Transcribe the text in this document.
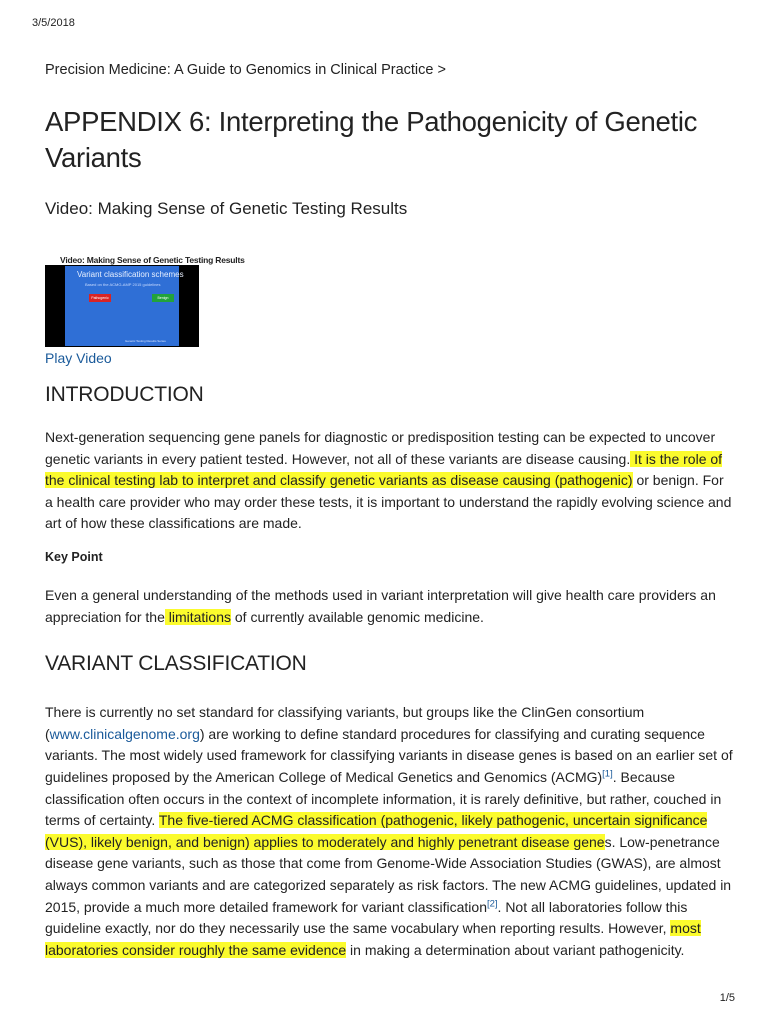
3/5/2018
Precision Medicine: A Guide to Genomics in Clinical Practice >
APPENDIX 6: Interpreting the Pathogenicity of Genetic Variants
Video: Making Sense of Genetic Testing Results
Video: Making Sense of Genetic Testing Results
Variant classification schemes
Based on the ACMG-AMP 2015 guidelines
Pathogenic	Benign
Genetic Testing Results Series
Play Video
INTRODUCTION

Next-generation sequencing gene panels for diagnostic or predisposition testing can be expected to uncover genetic variants in every patient tested. However, not all of these variants are disease causing. It is the role of the clinical testing lab to interpret and classify genetic variants as disease causing (pathogenic) or benign. For a health care provider who may order these tests, it is important to understand the rapidly evolving science and art of how these classifications are made.

Key Point

Even a general understanding of the methods used in variant interpretation will give health care providers an appreciation for the limitations of currently available genomic medicine.

VARIANT CLASSIFICATION

There is currently no set standard for classifying variants, but groups like the ClinGen consortium (www.clinicalgenome.org) are working to define standard procedures for classifying and curating sequence variants. The most widely used framework for classifying variants in disease genes is based on an earlier set of guidelines proposed by the American College of Medical Genetics and Genomics (ACMG)[1]. Because classification often occurs in the context of incomplete information, it is rarely definitive, but rather, couched in terms of certainty. The five-tiered ACMG classification (pathogenic, likely pathogenic, uncertain significance (VUS), likely benign, and benign) applies to moderately and highly penetrant disease genes. Low-penetrance disease gene variants, such as those that come from Genome-Wide Association Studies (GWAS), are almost always common variants and are categorized separately as risk factors. The new ACMG guidelines, updated in 2015, provide a much more detailed framework for variant classification[2]. Not all laboratories follow this guideline exactly, nor do they necessarily use the same vocabulary when reporting results. However, most laboratories consider roughly the same evidence in making a determination about variant pathogenicity.

1/5
